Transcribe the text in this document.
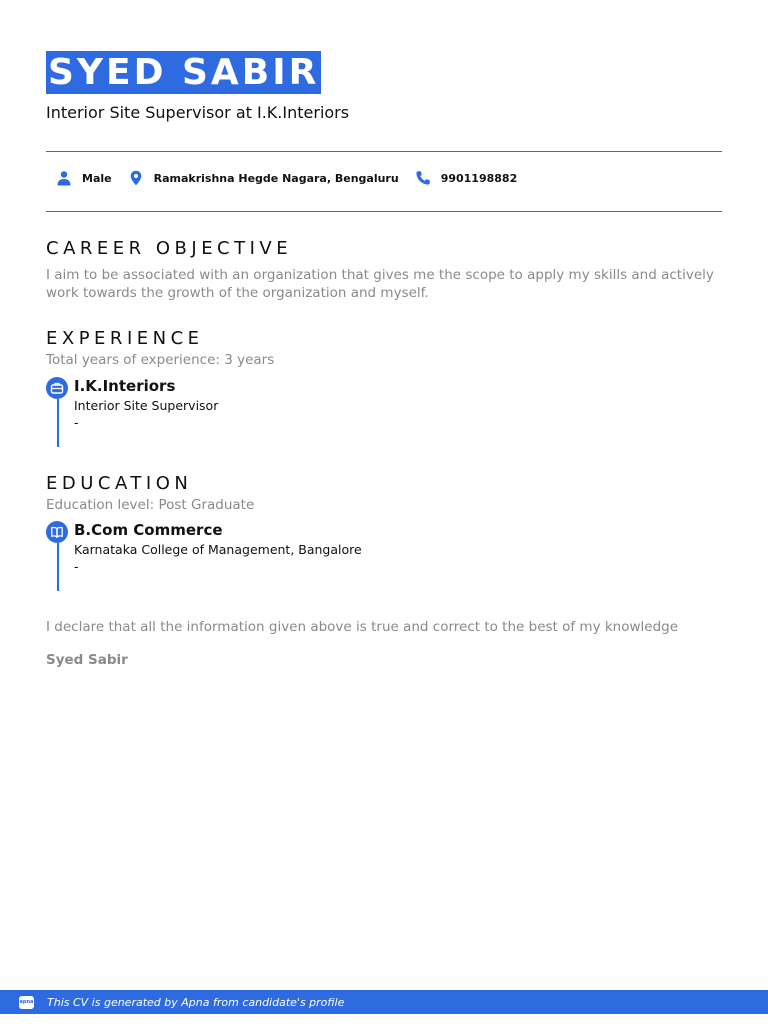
SYED SABIR
Interior Site Supervisor at I.K.Interiors
Male	Ramakrishna Hegde Nagara, Bengaluru	9901198882
CAREER OBJECTIVE
I aim to be associated with an organization that gives me the scope to apply my skills and actively work towards the growth of the organization and myself.
EXPERIENCE
Total years of experience: 3 years
I.K.Interiors
Interior Site Supervisor
-
EDUCATION
Education level: Post Graduate
B.Com Commerce
Karnataka College of Management, Bangalore
-
I declare that all the information given above is true and correct to the best of my knowledge
Syed Sabir
apna This CV is generated by Apna from candidate's profile
